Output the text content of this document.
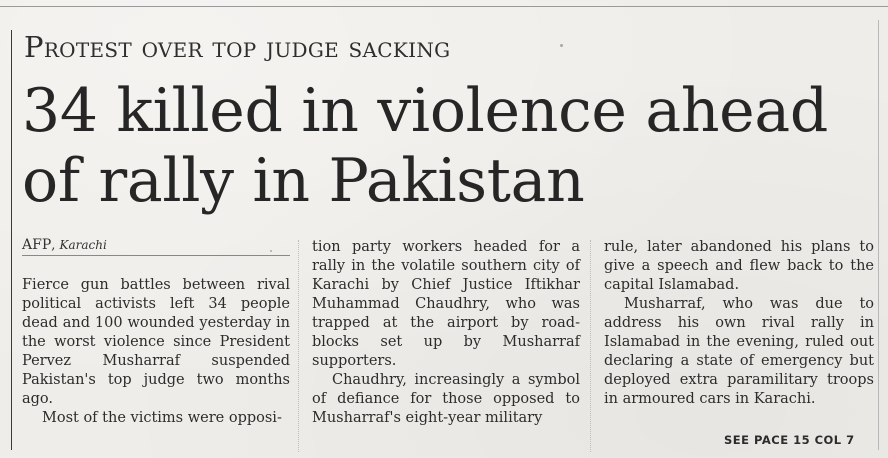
Protest over top judge sacking
34 killed in violence ahead of rally in Pakistan
AFP, Karachi

Fierce gun battles between rival political activists left 34 people dead and 100 wounded yesterday in the worst violence since President Pervez Musharraf suspended Pakistan's top judge two months ago.

Most of the victims were opposi-

tion party workers headed for a rally in the volatile southern city of Karachi by Chief Justice Iftikhar Muhammad Chaudhry, who was trapped at the airport by road-blocks set up by Musharraf supporters.

Chaudhry, increasingly a symbol of defiance for those opposed to Musharraf's eight-year military

rule, later abandoned his plans to give a speech and flew back to the capital Islamabad.

Musharraf, who was due to address his own rival rally in Islamabad in the evening, ruled out declaring a state of emergency but deployed extra paramilitary troops in armoured cars in Karachi.

SEE PACE 15 COL 7
